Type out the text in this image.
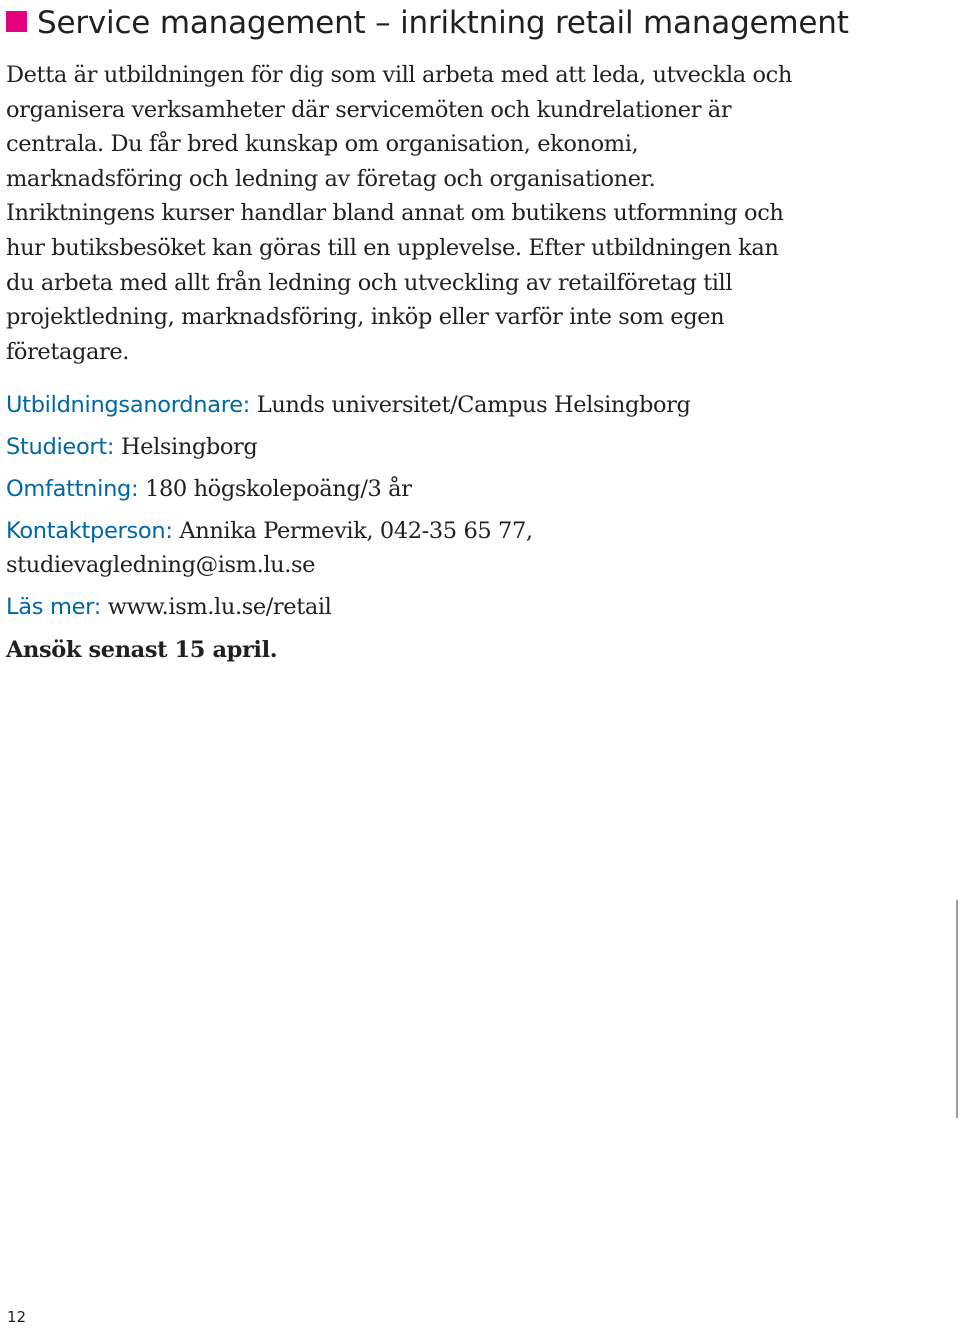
Service management – inriktning retail management

Detta är utbildningen för dig som vill arbeta med att leda, utveckla och organisera verksamheter där servicemöten och kundrelationer är centrala. Du får bred kunskap om organisation, ekonomi, marknadsföring och ledning av företag och organisationer. Inriktningens kurser handlar bland annat om butikens utformning och hur butiksbesöket kan göras till en upplevelse. Efter utbildningen kan du arbeta med allt från ledning och utveckling av retailföretag till projektledning, marknadsföring, inköp eller varför inte som egen företagare.

Utbildningsanordnare: Lunds universitet/Campus Helsingborg

Studieort: Helsingborg

Omfattning: 180 högskolepoäng/3 år

Kontaktperson: Annika Permevik, 042-35 65 77,
studievagledning@ism.lu.se

Läs mer: www.ism.lu.se/retail

Ansök senast 15 april.

12
